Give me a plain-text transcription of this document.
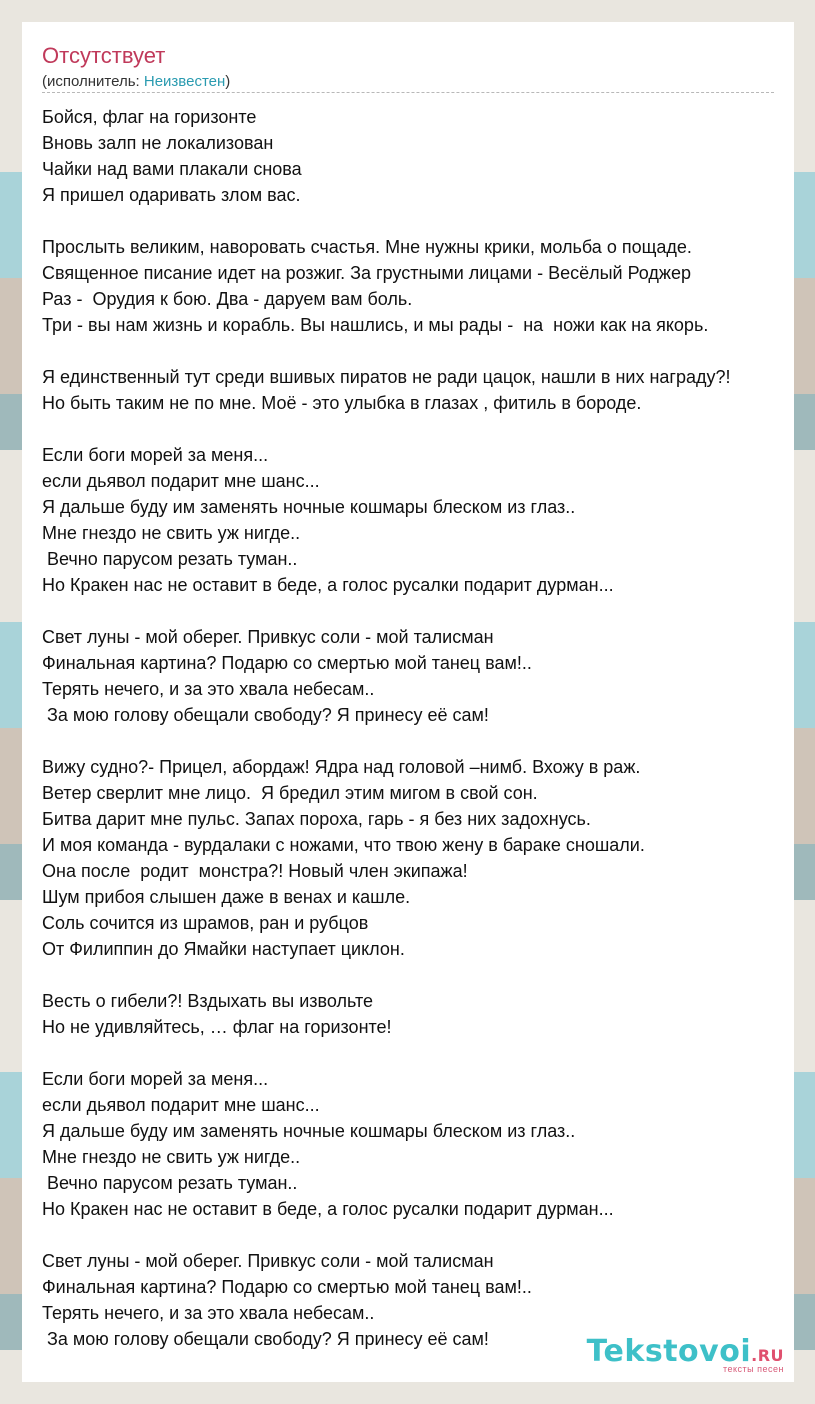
Отсутствует
(исполнитель: Неизвестен)
Бойся, флаг на горизонте
Вновь залп не локализован
Чайки над вами плакали снова
Я пришел одаривать злом вас.
Прослыть великим, наворовать счастья. Мне нужны крики, мольба о пощаде.
Священное писание идет на розжиг. За грустными лицами - Весёлый Роджер
Раз -  Орудия к бою. Два - даруем вам боль.
Три - вы нам жизнь и корабль. Вы нашлись, и мы рады -  на  ножи как на якорь.
Я единственный тут среди вшивых пиратов не ради цацок, нашли в них награду?!
Но быть таким не по мне. Моё - это улыбка в глазах , фитиль в бороде.
Если боги морей за меня...
если дьявол подарит мне шанс...
Я дальше буду им заменять ночные кошмары блеском из глаз..
Мне гнездо не свить уж нигде..
Вечно парусом резать туман..
Но Кракен нас не оставит в беде, а голос русалки подарит дурман...
Свет луны - мой оберег. Привкус соли - мой талисман
Финальная картина? Подарю со смертью мой танец вам!..
Терять нечего, и за это хвала небесам..
За мою голову обещали свободу? Я принесу её сам!
Вижу судно?- Прицел, абордаж! Ядра над головой –нимб. Вхожу в раж.
Ветер сверлит мне лицо.  Я бредил этим мигом в свой сон.
Битва дарит мне пульс. Запах пороха, гарь - я без них задохнусь.
И моя команда - вурдалаки с ножами, что твою жену в бараке сношали.
Она после  родит  монстра?! Новый член экипажа!
Шум прибоя слышен даже в венах и кашле.
Соль сочится из шрамов, ран и рубцов
От Филиппин до Ямайки наступает циклон.
Весть о гибели?! Вздыхать вы извольте
Но не удивляйтесь, … флаг на горизонте!
Если боги морей за меня...
если дьявол подарит мне шанс...
Я дальше буду им заменять ночные кошмары блеском из глаз..
Мне гнездо не свить уж нигде..
Вечно парусом резать туман..
Но Кракен нас не оставит в беде, а голос русалки подарит дурман...
Свет луны - мой оберег. Привкус соли - мой талисман
Финальная картина? Подарю со смертью мой танец вам!..
Терять нечего, и за это хвала небесам..
За мою голову обещали свободу? Я принесу её сам!	Tekstovoi.RU
тексты песен
